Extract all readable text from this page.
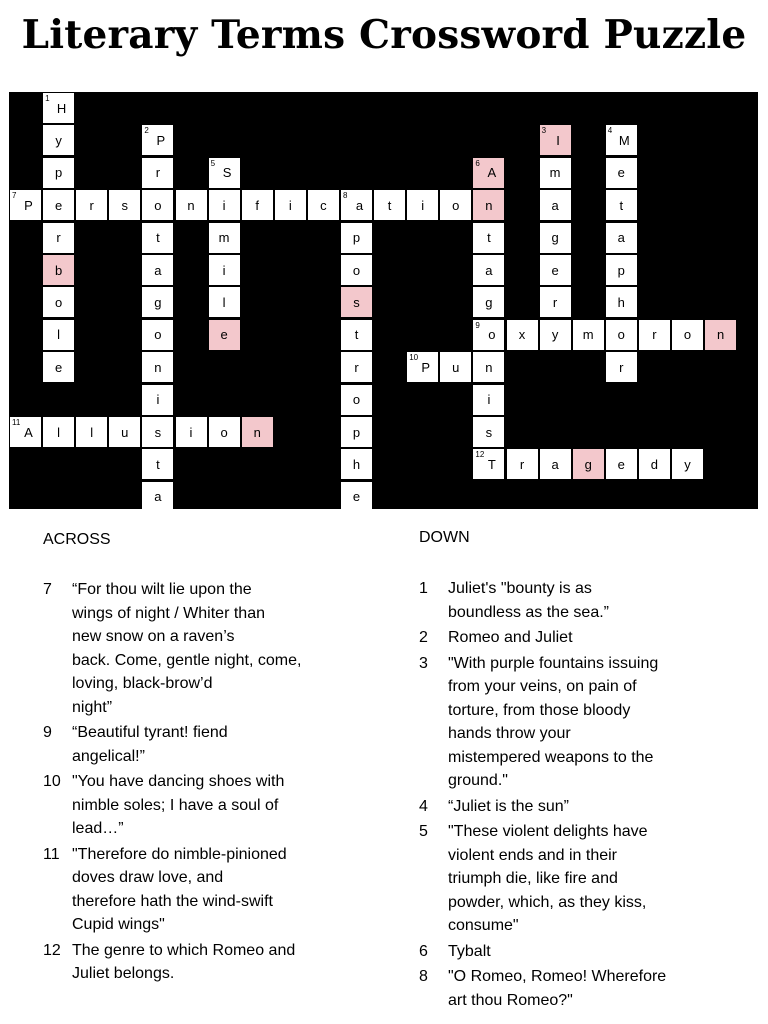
Literary Terms Crossword Puzzle
1
H
y
p
e
r
b
o
l
e
2
P
r
o
t
a
g
o
n
i
s
t
a
3
I
m
a
g
e
r
y
4
M
e
t
a
p
h
o
r
5
S
i
m
i
l
e
6
A
n
t
a
g
9
o
n
i
s
7
P	r s	n	f i c
8
a t i o
p
o
s
t
r
o
p
h
e
x	m	r o n
10
P u
11
A l l u	i o n
12
T r a g e d y
ACROSS	DOWN
7 “For thou wilt lie upon the
wings of night / Whiter than
new snow on a raven’s
back. Come, gentle night, come,
loving, black-brow’d
night”
9 “Beautiful tyrant! fiend
angelical!”
10 "You have dancing shoes with
nimble soles; I have a soul of
lead…”
11 "Therefore do nimble-pinioned
doves draw love, and
therefore hath the wind-swift
Cupid wings"
12 The genre to which Romeo and
Juliet belongs.
1 Juliet's "bounty is as
boundless as the sea.”
2 Romeo and Juliet
3 "With purple fountains issuing
from your veins, on pain of
torture, from those bloody
hands throw your
mistempered weapons to the
ground."
4 “Juliet is the sun”
5 "These violent delights have
violent ends and in their
triumph die, like fire and
powder, which, as they kiss,
consume"
6 Tybalt
8 "O Romeo, Romeo! Wherefore
art thou Romeo?"
